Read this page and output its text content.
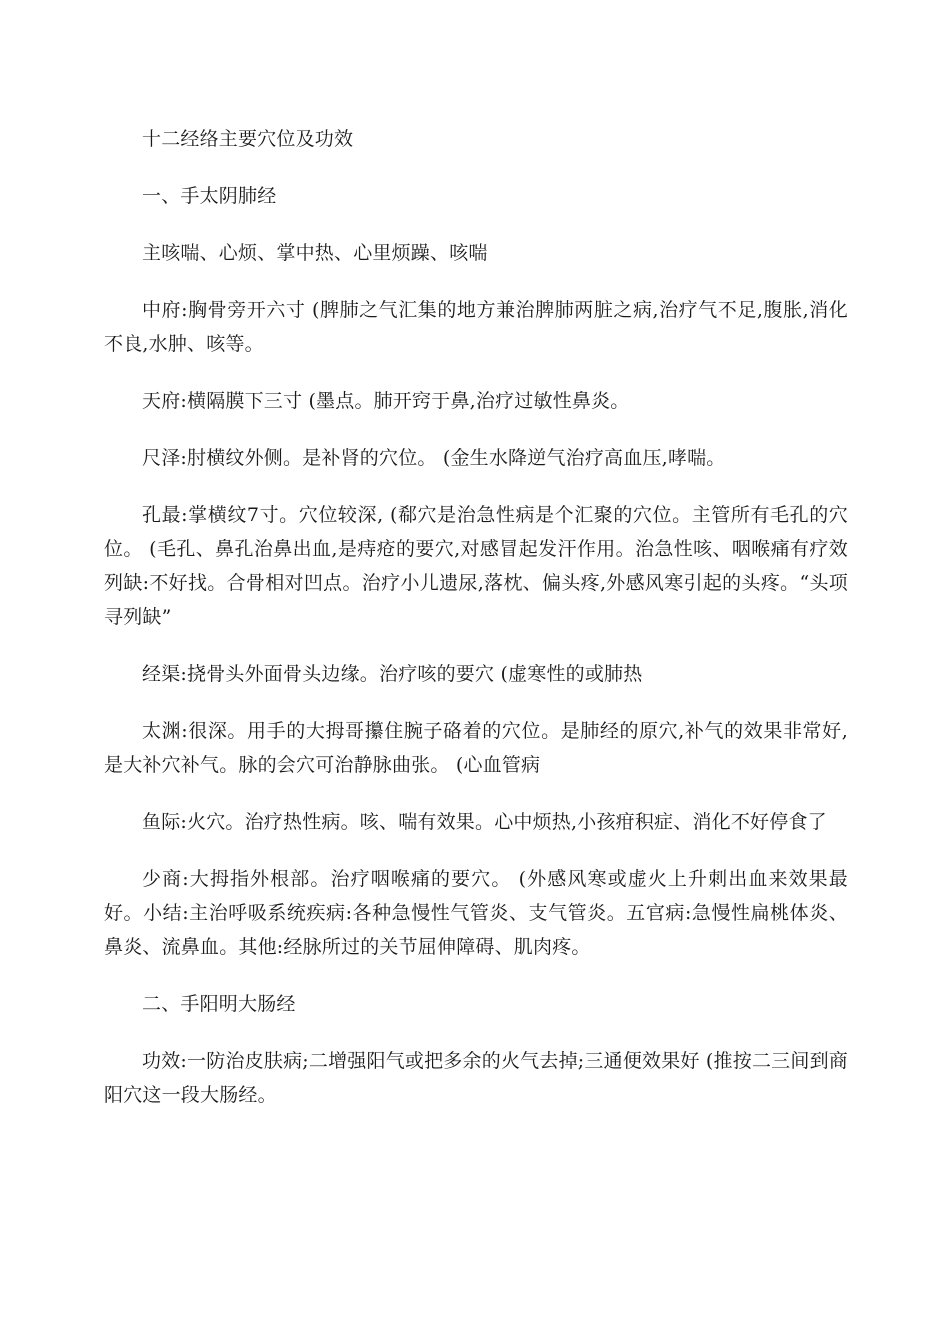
十二经络主要穴位及功效

一、手太阴肺经

主咳喘、心烦、掌中热、心里烦躁、咳喘

中府:胸骨旁开六寸 (脾肺之气汇集的地方兼治脾肺两脏之病,治疗气不足,腹胀,消化不良,水肿、咳等。

天府:横隔膜下三寸 (墨点。肺开窍于鼻,治疗过敏性鼻炎。

尺泽:肘横纹外侧。是补肾的穴位。 (金生水降逆气治疗高血压,哮喘。

孔最:掌横纹7寸。穴位较深, (郗穴是治急性病是个汇聚的穴位。主管所有毛孔的穴位。 (毛孔、鼻孔治鼻出血,是痔疮的要穴,对感冒起发汗作用。治急性咳、咽喉痛有疗效列缺:不好找。合骨相对凹点。治疗小儿遗尿,落枕、偏头疼,外感风寒引起的头疼。“头项寻列缺”

经渠:挠骨头外面骨头边缘。治疗咳的要穴 (虚寒性的或肺热

太渊:很深。用手的大拇哥攥住腕子硌着的穴位。是肺经的原穴,补气的效果非常好,是大补穴补气。脉的会穴可治静脉曲张。 (心血管病

鱼际:火穴。治疗热性病。咳、喘有效果。心中烦热,小孩疳积症、消化不好停食了

少商:大拇指外根部。治疗咽喉痛的要穴。 (外感风寒或虚火上升刺出血来效果最好。小结:主治呼吸系统疾病:各种急慢性气管炎、支气管炎。五官病:急慢性扁桃体炎、鼻炎、流鼻血。其他:经脉所过的关节屈伸障碍、肌肉疼。

二、手阳明大肠经

功效:一防治皮肤病;二增强阳气或把多余的火气去掉;三通便效果好 (推按二三间到商阳穴这一段大肠经。
